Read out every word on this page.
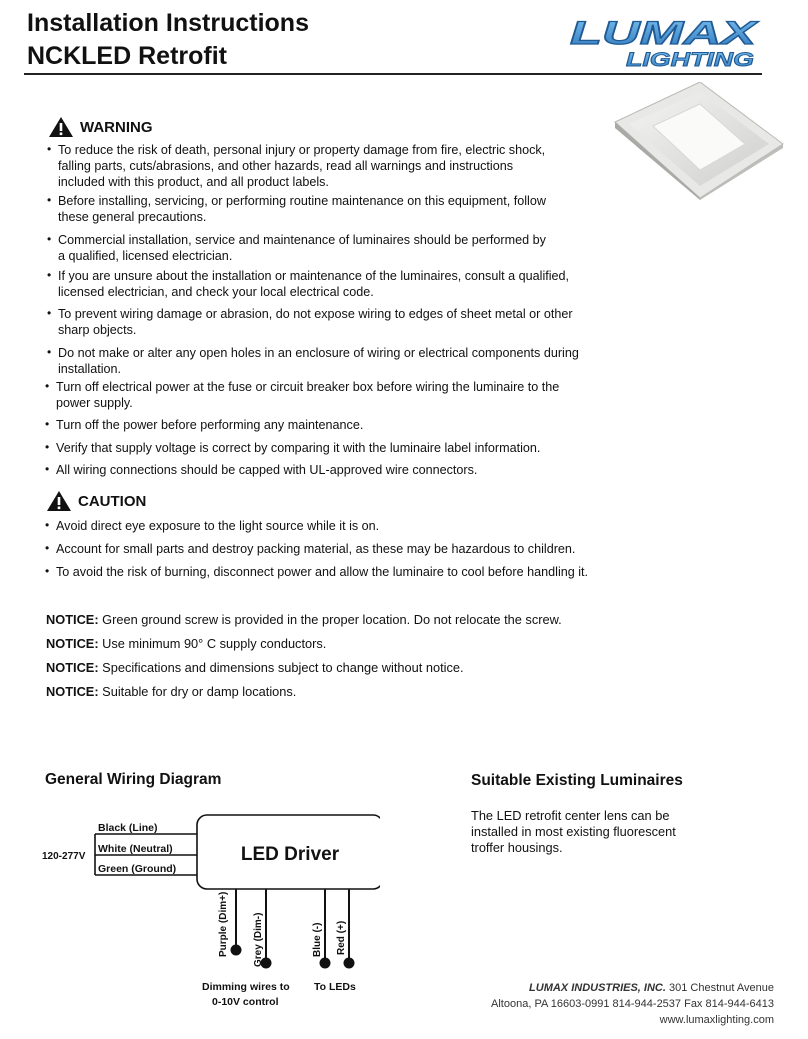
Installation Instructions
NCKLED Retrofit
LUMAX
LIGHTING
WARNING
• To reduce the risk of death, personal injury or property damage from fire, electric shock,
falling parts, cuts/abrasions, and other hazards, read all warnings and instructions
included with this product, and all product labels.
• Before installing, servicing, or performing routine maintenance on this equipment, follow
these general precautions.
• Commercial installation, service and maintenance of luminaires should be performed by
a qualified, licensed electrician.
• If you are unsure about the installation or maintenance of the luminaires, consult a qualified,
licensed electrician, and check your local electrical code.
• To prevent wiring damage or abrasion, do not expose wiring to edges of sheet metal or other
sharp objects.
• Do not make or alter any open holes in an enclosure of wiring or electrical components during
installation.
• Turn off electrical power at the fuse or circuit breaker box before wiring the luminaire to the
power supply.
• Turn off the power before performing any maintenance.
• Verify that supply voltage is correct by comparing it with the luminaire label information.
• All wiring connections should be capped with UL-approved wire connectors.
CAUTION
• Avoid direct eye exposure to the light source while it is on.
• Account for small parts and destroy packing material, as these may be hazardous to children.
• To avoid the risk of burning, disconnect power and allow the luminaire to cool before handling it.
NOTICE: Green ground screw is provided in the proper location. Do not relocate the screw.
NOTICE: Use minimum 90° C supply conductors.
NOTICE: Specifications and dimensions subject to change without notice.
NOTICE: Suitable for dry or damp locations.
General Wiring Diagram
LED Driver
Black (Line)
White (Neutral)
Green (Ground)
120-277V
Purple (Dim+) Grey (Dim-)	Blue (-) Red (+)
Dimming wires to
0-10V control
To LEDs
Suitable Existing Luminaires
The LED retrofit center lens can be
installed in most existing fluorescent
troffer housings.
LUMAX INDUSTRIES, INC. 301 Chestnut Avenue
Altoona, PA 16603-0991 814-944-2537 Fax 814-944-6413
www.lumaxlighting.com
